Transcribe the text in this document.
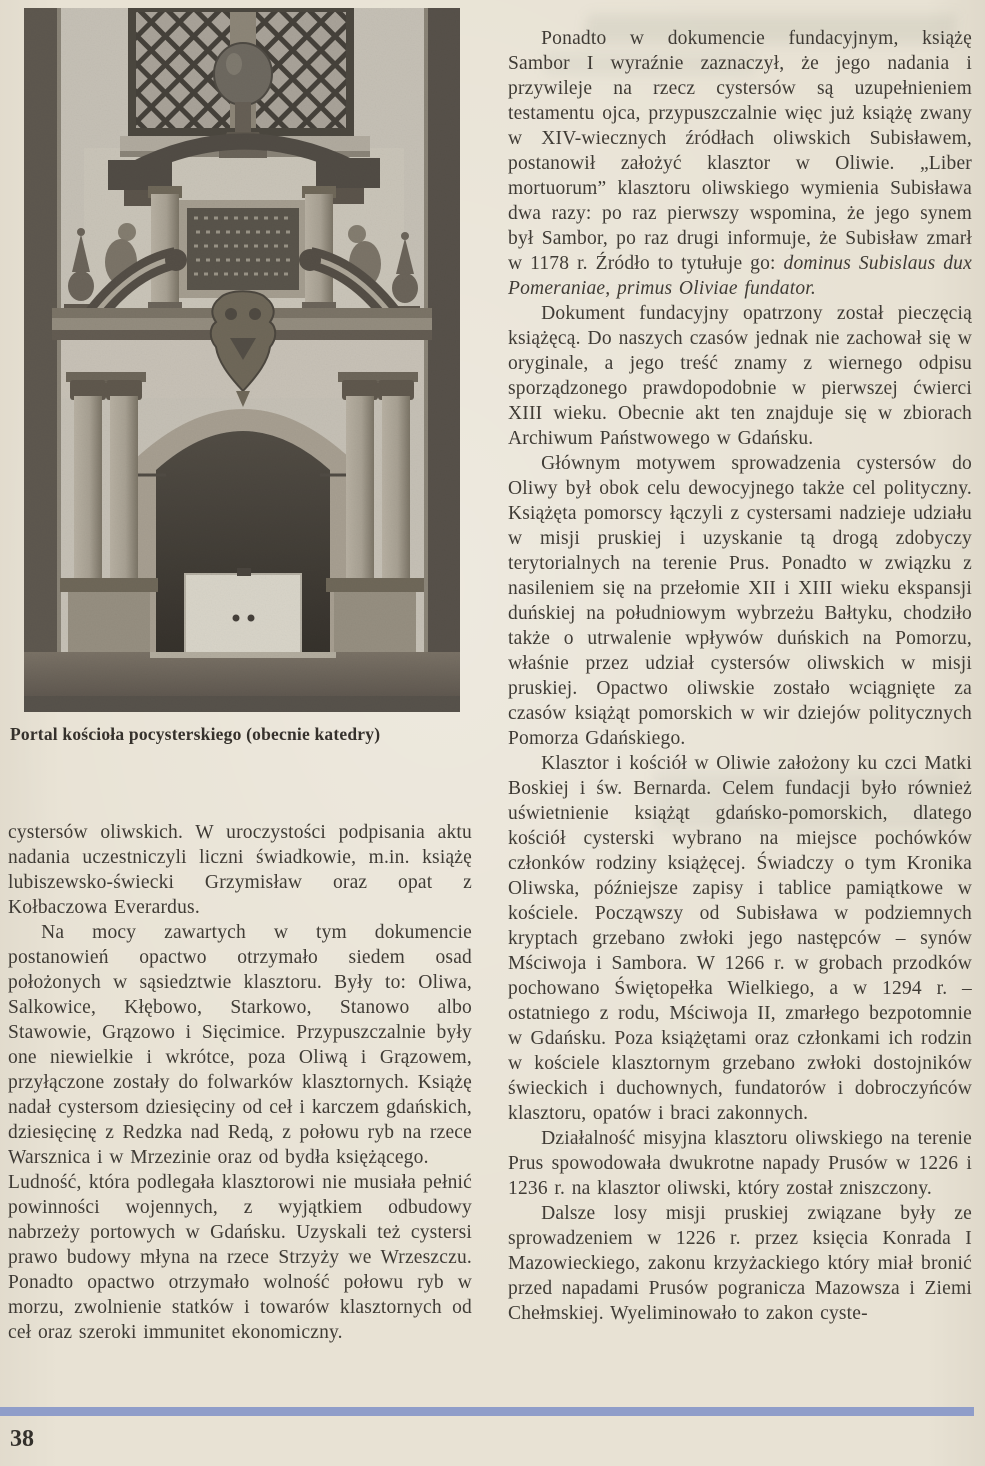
Portal kościoła pocysterskiego (obecnie katedry)

cystersów oliwskich. W uroczystości podpisania aktu nadania uczestniczyli liczni świadkowie, m.in. książę lubiszewsko-świecki Grzymisław oraz opat z Kołbaczowa Everardus.

Na mocy zawartych w tym dokumencie postanowień opactwo otrzymało siedem osad położonych w sąsiedztwie klasztoru. Były to: Oliwa, Salkowice, Kłębowo, Starkowo, Stanowo albo Stawowie, Grązowo i Sięcimice. Przypuszczalnie były one niewielkie i wkrótce, poza Oliwą i Grązowem, przyłączone zostały do folwarków klasztornych. Książę nadał cystersom dziesięciny od ceł i karczem gdańskich, dziesięcinę z Redzka nad Redą, z połowu ryb na rzece Warsznica i w Mrzezinie oraz od bydła księżącego.

Ludność, która podlegała klasztorowi nie musiała pełnić powinności wojennych, z wyjątkiem odbudowy nabrzeży portowych w Gdańsku. Uzyskali też cystersi prawo budowy młyna na rzece Strzyży we Wrzeszczu. Ponadto opactwo otrzymało wolność połowu ryb w morzu, zwolnienie statków i towarów klasztornych od ceł oraz szeroki immunitet ekonomiczny.

Ponadto w dokumencie fundacyjnym, książę Sambor I wyraźnie zaznaczył, że jego nadania i przywileje na rzecz cystersów są uzupełnieniem testamentu ojca, przypuszczalnie więc już książę zwany w XIV-wiecznych źródłach oliwskich Subisławem, postanowił założyć klasztor w Oliwie. „Liber mortuorum” klasztoru oliwskiego wymienia Subisława dwa razy: po raz pierwszy wspomina, że jego synem był Sambor, po raz drugi informuje, że Subisław zmarł w 1178 r. Źródło to tytułuje go: dominus Subislaus dux Pomeraniae, primus Oliviae fundator.

Dokument fundacyjny opatrzony został pieczęcią książęcą. Do naszych czasów jednak nie zachował się w oryginale, a jego treść znamy z wiernego odpisu sporządzonego prawdopodobnie w pierwszej ćwierci XIII wieku. Obecnie akt ten znajduje się w zbiorach Archiwum Państwowego w Gdańsku.

Głównym motywem sprowadzenia cystersów do Oliwy był obok celu dewocyjnego także cel polityczny. Książęta pomorscy łączyli z cystersami nadzieje udziału w misji pruskiej i uzyskanie tą drogą zdobyczy terytorialnych na terenie Prus. Ponadto w związku z nasileniem się na przełomie XII i XIII wieku ekspansji duńskiej na południowym wybrzeżu Bałtyku, chodziło także o utrwalenie wpływów duńskich na Pomorzu, właśnie przez udział cystersów oliwskich w misji pruskiej. Opactwo oliwskie zostało wciągnięte za czasów książąt pomorskich w wir dziejów politycznych Pomorza Gdańskiego.

Klasztor i kościół w Oliwie założony ku czci Matki Boskiej i św. Bernarda. Celem fundacji było również uświetnienie książąt gdańsko-pomorskich, dlatego kościół cysterski wybrano na miejsce pochówków członków rodziny książęcej. Świadczy o tym Kronika Oliwska, późniejsze zapisy i tablice pamiątkowe w kościele. Począwszy od Subisława w podziemnych kryptach grzebano zwłoki jego następców – synów Mściwoja i Sambora. W 1266 r. w grobach przodków pochowano Świętopełka Wielkiego, a w 1294 r. – ostatniego z rodu, Mściwoja II, zmarłego bezpotomnie w Gdańsku. Poza książętami oraz członkami ich rodzin w kościele klasztornym grzebano zwłoki dostojników świeckich i duchownych, fundatorów i dobroczyńców klasztoru, opatów i braci zakonnych.

Działalność misyjna klasztoru oliwskiego na terenie Prus spowodowała dwukrotne napady Prusów w 1226 i 1236 r. na klasztor oliwski, który został zniszczony.

Dalsze losy misji pruskiej związane były ze sprowadzeniem w 1226 r. przez księcia Konrada I Mazowieckiego, zakonu krzyżackiego który miał bronić przed napadami Prusów pogranicza Mazowsza i Ziemi Chełmskiej. Wyeliminowało to zakon cyste-

38
